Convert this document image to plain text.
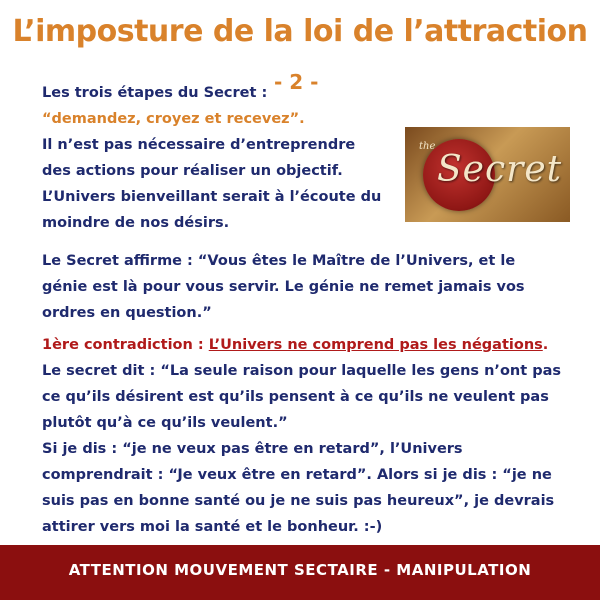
L’imposture de la loi de l’attraction
- 2 -
Les trois étapes du Secret :
“demandez, croyez et recevez”.
Il n’est pas nécessaire d’entreprendre des actions pour réaliser un objectif. L’Univers bienveillant serait à l’écoute du moindre de nos désirs.
the
Secret
Le Secret affirme : “Vous êtes le Maître de l’Univers, et le génie est là pour vous servir. Le génie ne remet jamais vos ordres en question.”
1ère contradiction : L’Univers ne comprend pas les négations.
Le secret dit : “La seule raison pour laquelle les gens n’ont pas ce qu’ils désirent est qu’ils pensent à ce qu’ils ne veulent pas plutôt qu’à ce qu’ils veulent.”
Si je dis : “je ne veux pas être en retard”, l’Univers comprendrait : “Je veux être en retard”. Alors si je dis : “je ne suis pas en bonne santé ou je ne suis pas heureux”, je devrais attirer vers moi la santé et le bonheur. :-)
ATTENTION MOUVEMENT SECTAIRE - MANIPULATION
